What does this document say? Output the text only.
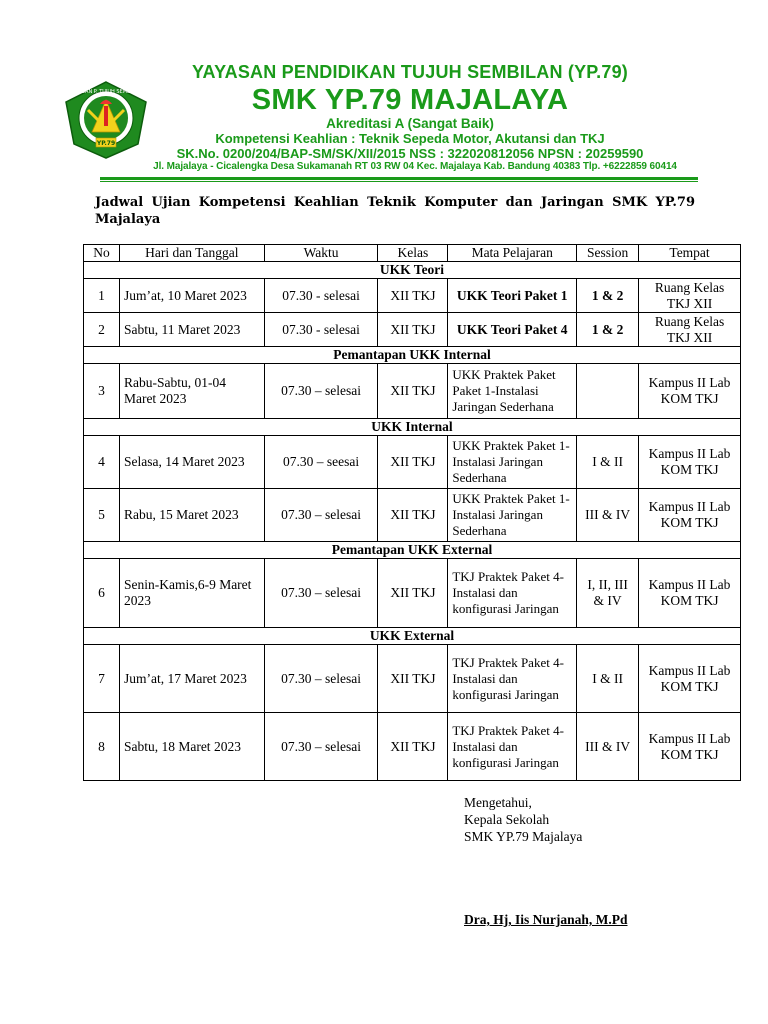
YAYASAN P. TUJUH SEMBILAN
YP.79
YAYASAN PENDIDIKAN TUJUH SEMBILAN (YP.79)
SMK YP.79 MAJALAYA
Akreditasi A (Sangat Baik)
Kompetensi Keahlian : Teknik Sepeda Motor, Akutansi dan TKJ
SK.No. 0200/204/BAP-SM/SK/XII/2015 NSS : 322020812056 NPSN : 20259590
Jl. Majalaya - Cicalengka Desa Sukamanah RT 03 RW 04 Kec. Majalaya Kab. Bandung 40383 Tlp. +6222859 60414
Jadwal Ujian Kompetensi Keahlian Teknik Komputer dan Jaringan SMK YP.79 Majalaya
No	Hari dan Tanggal	Waktu	Kelas	Mata Pelajaran	Session	Tempat
UKK Teori						
1	Jum’at, 10 Maret 2023	07.30 - selesai	XII TKJ	UKK Teori Paket 1	1 & 2	Ruang Kelas TKJ XII
2	Sabtu, 11 Maret 2023	07.30 - selesai	XII TKJ	UKK Teori Paket 4	1 & 2	Ruang Kelas TKJ XII
Pemantapan UKK Internal						
3	Rabu-Sabtu, 01-04 Maret 2023	07.30 – selesai	XII TKJ	UKK Praktek Paket Paket 1-Instalasi Jaringan Sederhana		Kampus II Lab KOM TKJ
UKK Internal						
4	Selasa, 14 Maret 2023	07.30 – seesai	XII TKJ	UKK Praktek Paket 1-Instalasi Jaringan Sederhana	I & II	Kampus II Lab KOM TKJ
5	Rabu, 15 Maret 2023	07.30 – selesai	XII TKJ	UKK Praktek Paket 1-Instalasi Jaringan Sederhana	III & IV	Kampus II Lab KOM TKJ
Pemantapan UKK External						
6	Senin-Kamis,6-9 Maret 2023	07.30 – selesai	XII TKJ	TKJ Praktek Paket 4-Instalasi dan konfigurasi Jaringan	I, II, III & IV	Kampus II Lab KOM TKJ
UKK External						
7	Jum’at, 17 Maret 2023	07.30 – selesai	XII TKJ	TKJ Praktek Paket 4-Instalasi dan konfigurasi Jaringan	I & II	Kampus II Lab KOM TKJ
8	Sabtu, 18 Maret 2023	07.30 – selesai	XII TKJ	TKJ Praktek Paket 4-Instalasi dan konfigurasi Jaringan	III & IV	Kampus II Lab KOM TKJ
Mengetahui,
Kepala Sekolah
SMK YP.79 Majalaya
Dra, Hj, Iis Nurjanah, M.Pd
